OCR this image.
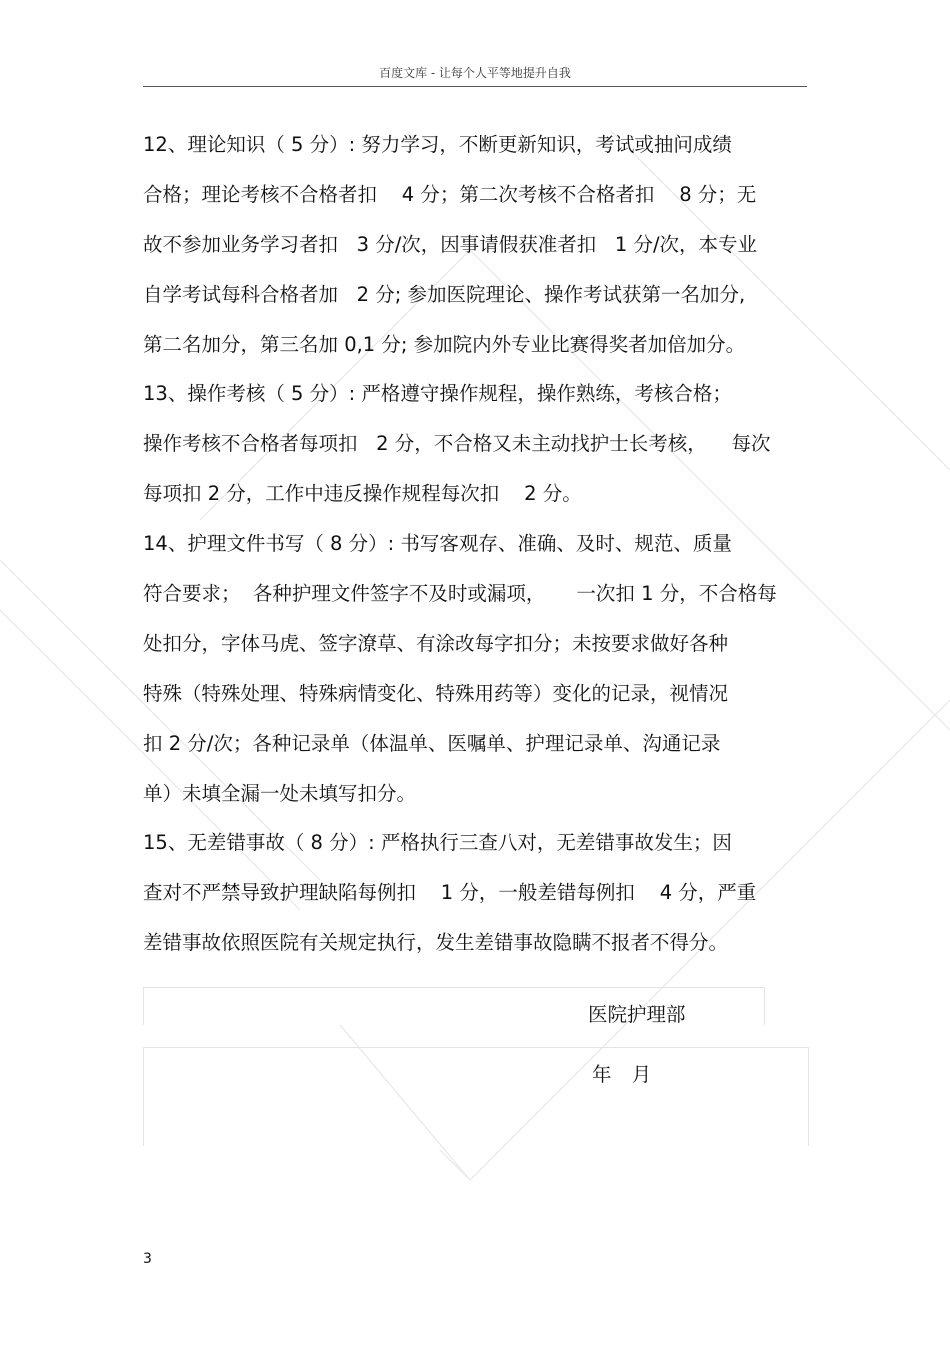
百度文库 - 让每个人平等地提升自我
12、理论知识（ 5 分）: 努力学习，不断更新知识，考试或抽问成绩
合格；理论考核不合格者扣    4 分；第二次考核不合格者扣    8 分；无
故不参加业务学习者扣   3 分/次，因事请假获准者扣   1 分/次，本专业
自学考试每科合格者加   2 分; 参加医院理论、操作考试获第一名加分,
第二名加分，第三名加 0,1 分; 参加院内外专业比赛得奖者加倍加分。
13、操作考核（ 5 分）: 严格遵守操作规程，操作熟练，考核合格；
操作考核不合格者每项扣   2 分，不合格又未主动找护士长考核，    每次
每项扣 2 分，工作中违反操作规程每次扣    2 分。
14、护理文件书写（ 8 分）: 书写客观存、准确、及时、规范、质量
符合要求；  各种护理文件签字不及时或漏项，     一次扣 1 分，不合格每
处扣分，字体马虎、签字潦草、有涂改每字扣分；未按要求做好各种
特殊（特殊处理、特殊病情变化、特殊用药等）变化的记录，视情况
扣 2 分/次；各种记录单（体温单、医嘱单、护理记录单、沟通记录
单）未填全漏一处未填写扣分。
15、无差错事故（ 8 分）: 严格执行三查八对，无差错事故发生；因
查对不严禁导致护理缺陷每例扣    1 分，一般差错每例扣    4 分，严重
差错事故依照医院有关规定执行，发生差错事故隐瞒不报者不得分。
医院护理部
年 月
3
